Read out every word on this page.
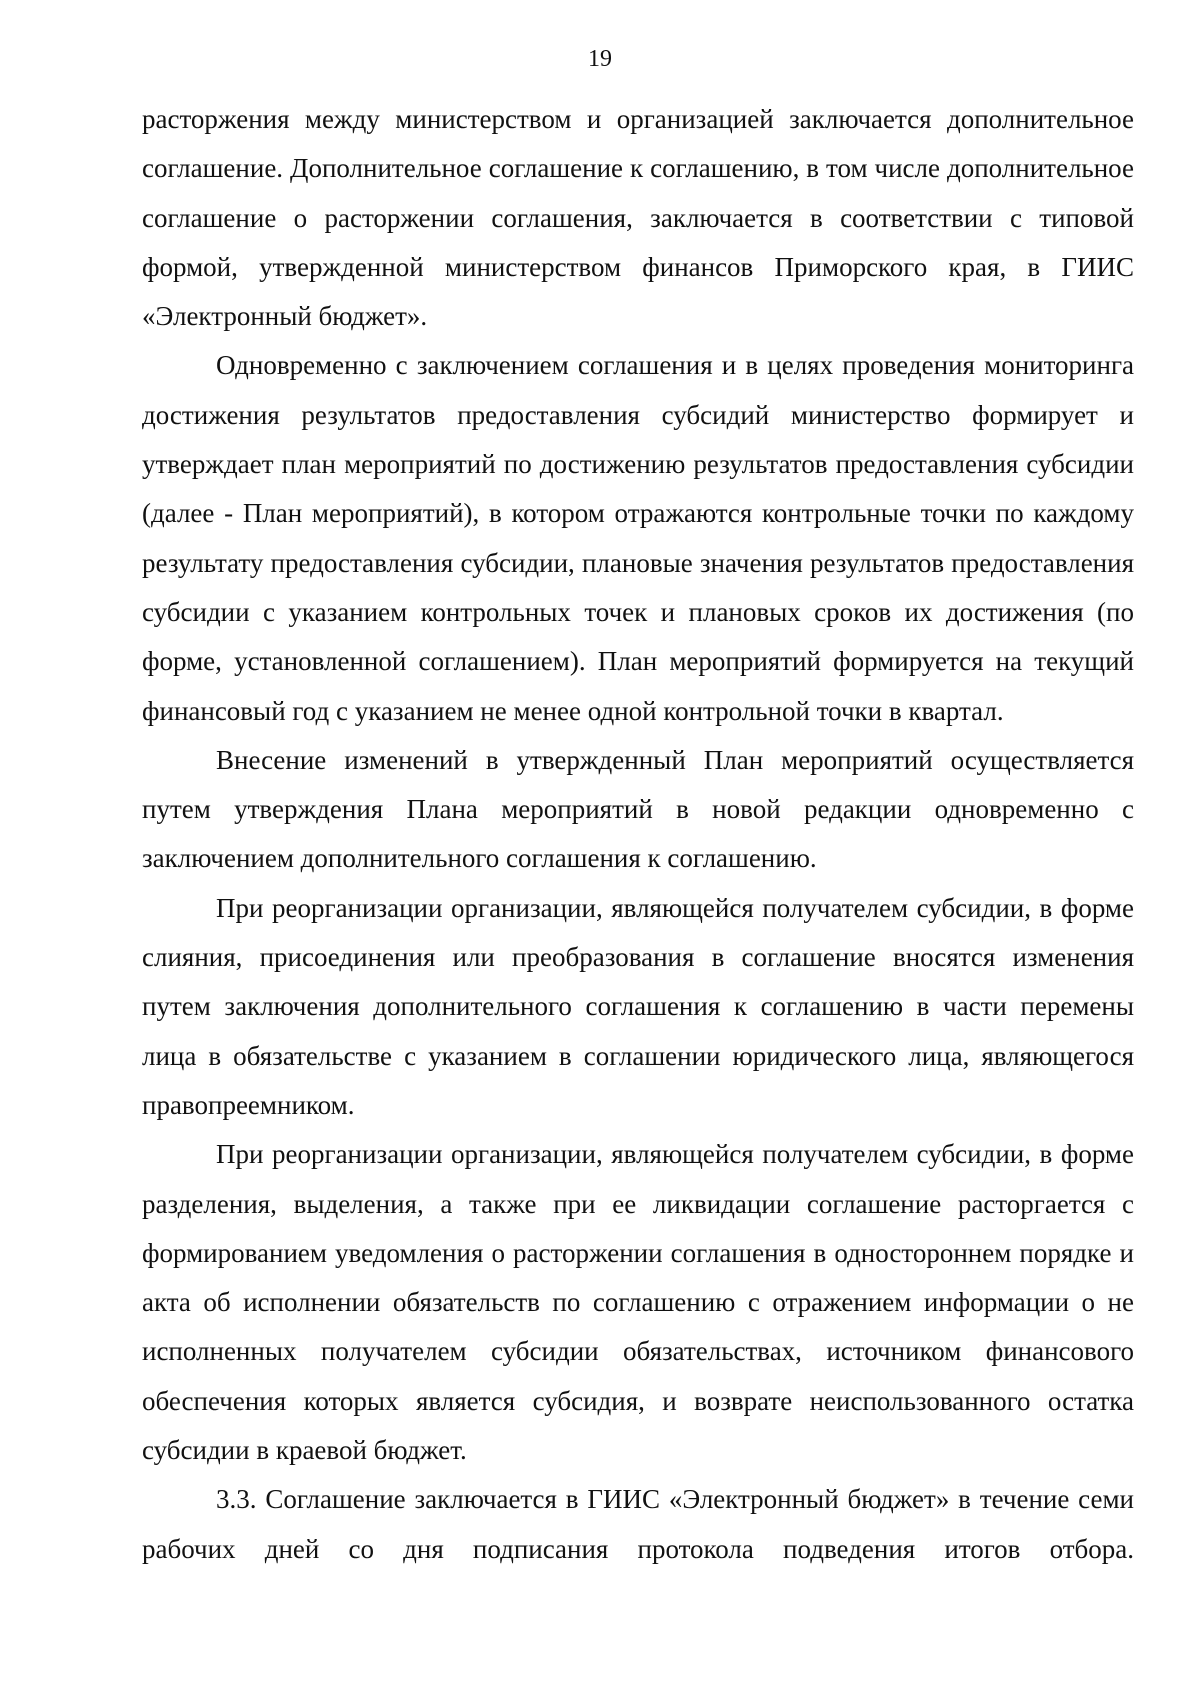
19

расторжения между министерством и организацией заключается дополнительное соглашение. Дополнительное соглашение к соглашению, в том числе дополнительное соглашение о расторжении соглашения, заключается в соответствии с типовой формой, утвержденной министерством финансов Приморского края, в ГИИС «Электронный бюджет».

Одновременно с заключением соглашения и в целях проведения мониторинга достижения результатов предоставления субсидий министерство формирует и утверждает план мероприятий по достижению результатов предоставления субсидии (далее - План мероприятий), в котором отражаются контрольные точки по каждому результату предоставления субсидии, плановые значения результатов предоставления субсидии с указанием контрольных точек и плановых сроков их достижения (по форме, установленной соглашением). План мероприятий формируется на текущий финансовый год с указанием не менее одной контрольной точки в квартал.

Внесение изменений в утвержденный План мероприятий осуществляется путем утверждения Плана мероприятий в новой редакции одновременно с заключением дополнительного соглашения к соглашению.

При реорганизации организации, являющейся получателем субсидии, в форме слияния, присоединения или преобразования в соглашение вносятся изменения путем заключения дополнительного соглашения к соглашению в части перемены лица в обязательстве с указанием в соглашении юридического лица, являющегося правопреемником.

При реорганизации организации, являющейся получателем субсидии, в форме разделения, выделения, а также при ее ликвидации соглашение расторгается с формированием уведомления о расторжении соглашения в одностороннем порядке и акта об исполнении обязательств по соглашению с отражением информации о не исполненных получателем субсидии обязательствах, источником финансового обеспечения которых является субсидия, и возврате неиспользованного остатка субсидии в краевой бюджет.

3.3. Соглашение заключается в ГИИС «Электронный бюджет» в течение семи рабочих дней со дня подписания протокола подведения итогов отбора.
